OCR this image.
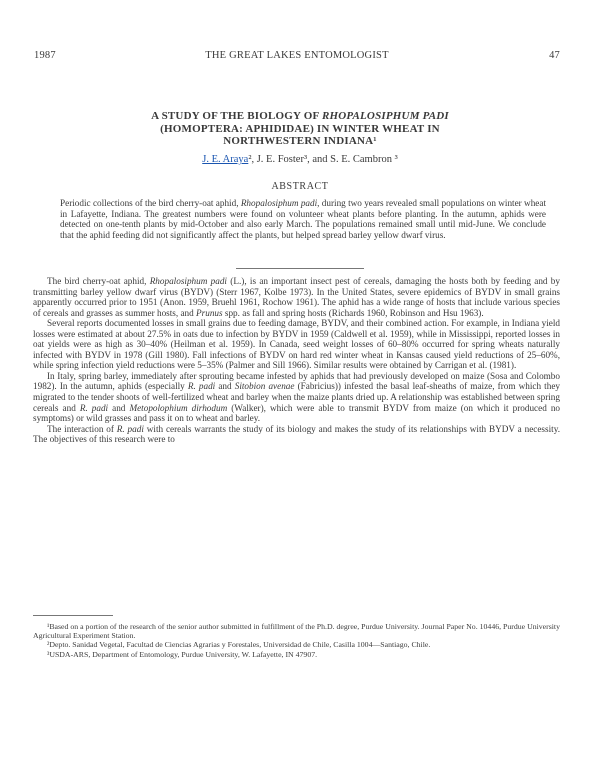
1987	THE GREAT LAKES ENTOMOLOGIST	47
A STUDY OF THE BIOLOGY OF RHOPALOSIPHUM PADI
(HOMOPTERA: APHIDIDAE) IN WINTER WHEAT IN
NORTHWESTERN INDIANA¹
J. E. Araya², J. E. Foster³, and S. E. Cambron ³
ABSTRACT

Periodic collections of the bird cherry-oat aphid, Rhopalosiphum padi, during two years revealed small populations on winter wheat in Lafayette, Indiana. The greatest numbers were found on volunteer wheat plants before planting. In the autumn, aphids were detected on one-tenth plants by mid-October and also early March. The populations remained small until mid-June. We conclude that the aphid feeding did not significantly affect the plants, but helped spread barley yellow dwarf virus.

The bird cherry-oat aphid, Rhopalosiphum padi (L.), is an important insect pest of cereals, damaging the hosts both by feeding and by transmitting barley yellow dwarf virus (BYDV) (Sterr 1967, Kolbe 1973). In the United States, severe epidemics of BYDV in small grains apparently occurred prior to 1951 (Anon. 1959, Bruehl 1961, Rochow 1961). The aphid has a wide range of hosts that include various species of cereals and grasses as summer hosts, and Prunus spp. as fall and spring hosts (Richards 1960, Robinson and Hsu 1963).

Several reports documented losses in small grains due to feeding damage, BYDV, and their combined action. For example, in Indiana yield losses were estimated at about 27.5% in oats due to infection by BYDV in 1959 (Caldwell et al. 1959), while in Mississippi, reported losses in oat yields were as high as 30–40% (Heilman et al. 1959). In Canada, seed weight losses of 60–80% occurred for spring wheats naturally infected with BYDV in 1978 (Gill 1980). Fall infections of BYDV on hard red winter wheat in Kansas caused yield reductions of 25–60%, while spring infection yield reductions were 5–35% (Palmer and Sill 1966). Similar results were obtained by Carrigan et al. (1981).

In Italy, spring barley, immediately after sprouting became infested by aphids that had previously developed on maize (Sosa and Colombo 1982). In the autumn, aphids (especially R. padi and Sitobion avenae (Fabricius)) infested the basal leaf-sheaths of maize, from which they migrated to the tender shoots of well-fertilized wheat and barley when the maize plants dried up. A relationship was established between spring cereals and R. padi and Metopolophium dirhodum (Walker), which were able to transmit BYDV from maize (on which it produced no symptoms) or wild grasses and pass it on to wheat and barley.

The interaction of R. padi with cereals warrants the study of its biology and makes the study of its relationships with BYDV a necessity. The objectives of this research were to

¹Based on a portion of the research of the senior author submitted in fulfillment of the Ph.D. degree, Purdue University. Journal Paper No. 10446, Purdue University Agricultural Experiment Station.

²Depto. Sanidad Vegetal, Facultad de Ciencias Agrarias y Forestales, Universidad de Chile, Casilla 1004—Santiago, Chile.

³USDA-ARS, Department of Entomology, Purdue University, W. Lafayette, IN 47907.
